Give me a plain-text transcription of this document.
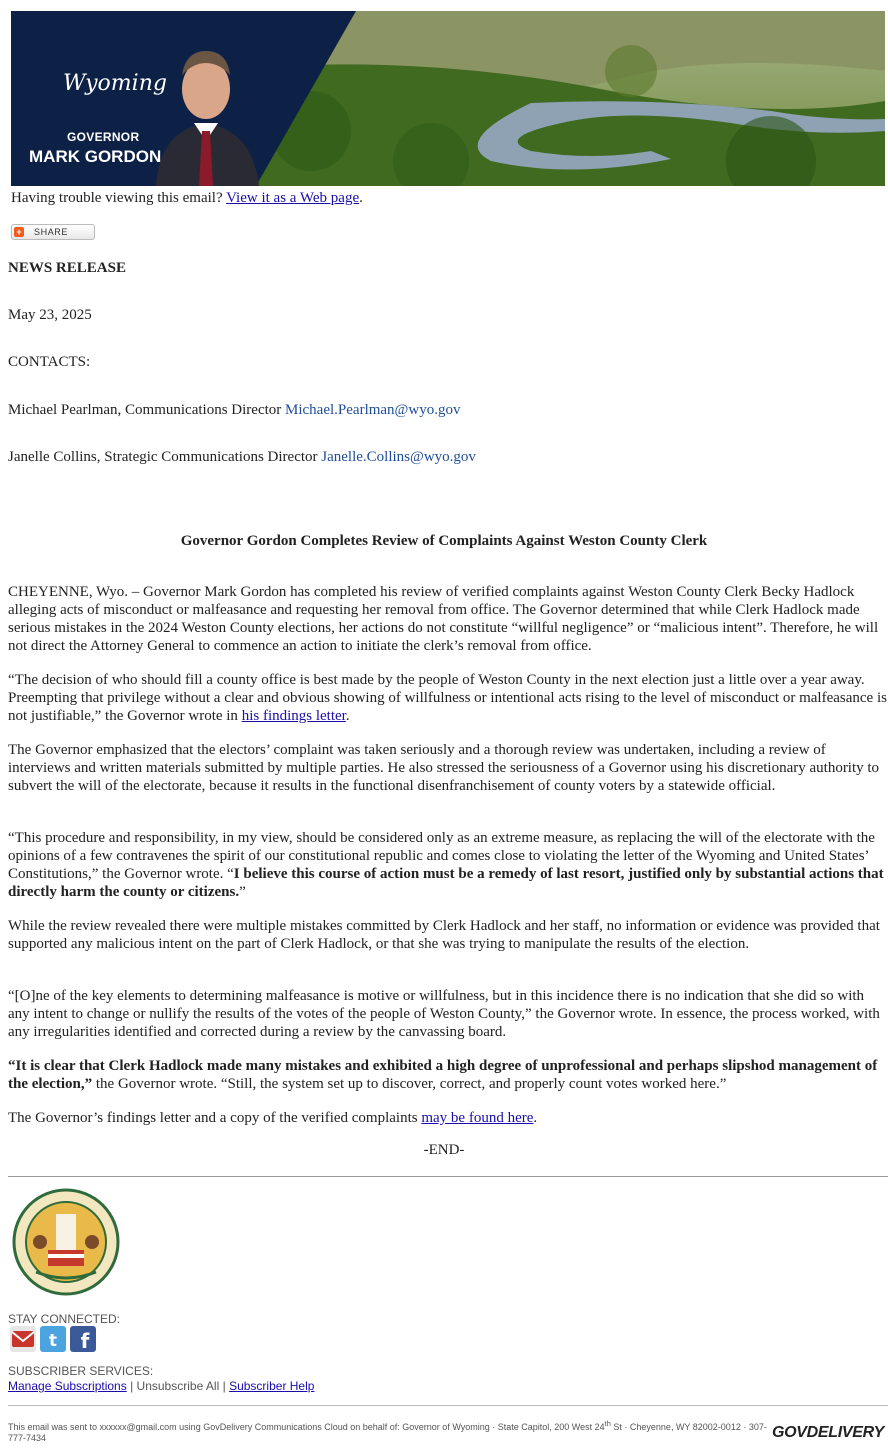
Wyoming
GOVERNOR
MARK GORDON
Having trouble viewing this email? View it as a Web page.
+ SHARE
NEWS RELEASE
May 23, 2025
CONTACTS:
Michael Pearlman, Communications Director Michael.Pearlman@wyo.gov
Janelle Collins, Strategic Communications Director Janelle.Collins@wyo.gov
Governor Gordon Completes Review of Complaints Against Weston County Clerk

CHEYENNE, Wyo. – Governor Mark Gordon has completed his review of verified complaints against Weston County Clerk Becky Hadlock alleging acts of misconduct or malfeasance and requesting her removal from office. The Governor determined that while Clerk Hadlock made serious mistakes in the 2024 Weston County elections, her actions do not constitute “willful negligence” or “malicious intent”. Therefore, he will not direct the Attorney General to commence an action to initiate the clerk’s removal from office.

“The decision of who should fill a county office is best made by the people of Weston County in the next election just a little over a year away. Preempting that privilege without a clear and obvious showing of willfulness or intentional acts rising to the level of misconduct or malfeasance is not justifiable,” the Governor wrote in his findings letter.

The Governor emphasized that the electors’ complaint was taken seriously and a thorough review was undertaken, including a review of interviews and written materials submitted by multiple parties. He also stressed the seriousness of a Governor using his discretionary authority to subvert the will of the electorate, because it results in the functional disenfranchisement of county voters by a statewide official.

“This procedure and responsibility, in my view, should be considered only as an extreme measure, as replacing the will of the electorate with the opinions of a few contravenes the spirit of our constitutional republic and comes close to violating the letter of the Wyoming and United States’ Constitutions,” the Governor wrote. “I believe this course of action must be a remedy of last resort, justified only by substantial actions that directly harm the county or citizens.”

While the review revealed there were multiple mistakes committed by Clerk Hadlock and her staff, no information or evidence was provided that supported any malicious intent on the part of Clerk Hadlock, or that she was trying to manipulate the results of the election.

“[O]ne of the key elements to determining malfeasance is motive or willfulness, but in this incidence there is no indication that she did so with any intent to change or nullify the results of the votes of the people of Weston County,” the Governor wrote. In essence, the process worked, with any irregularities identified and corrected during a review by the canvassing board.

“It is clear that Clerk Hadlock made many mistakes and exhibited a high degree of unprofessional and perhaps slipshod management of the election,” the Governor wrote. “Still, the system set up to discover, correct, and properly count votes worked here.”

The Governor’s findings letter and a copy of the verified complaints may be found here.

-END-
STAY CONNECTED:
t f
SUBSCRIBER SERVICES:
Manage Subscriptions | Unsubscribe All | Subscriber Help
This email was sent to xxxxxx@gmail.com using GovDelivery Communications Cloud on behalf of: Governor of Wyoming · State Capitol, 200 West 24th St · Cheyenne, WY 82002-0012 · 307-777-7434	GOVDELIVERY
